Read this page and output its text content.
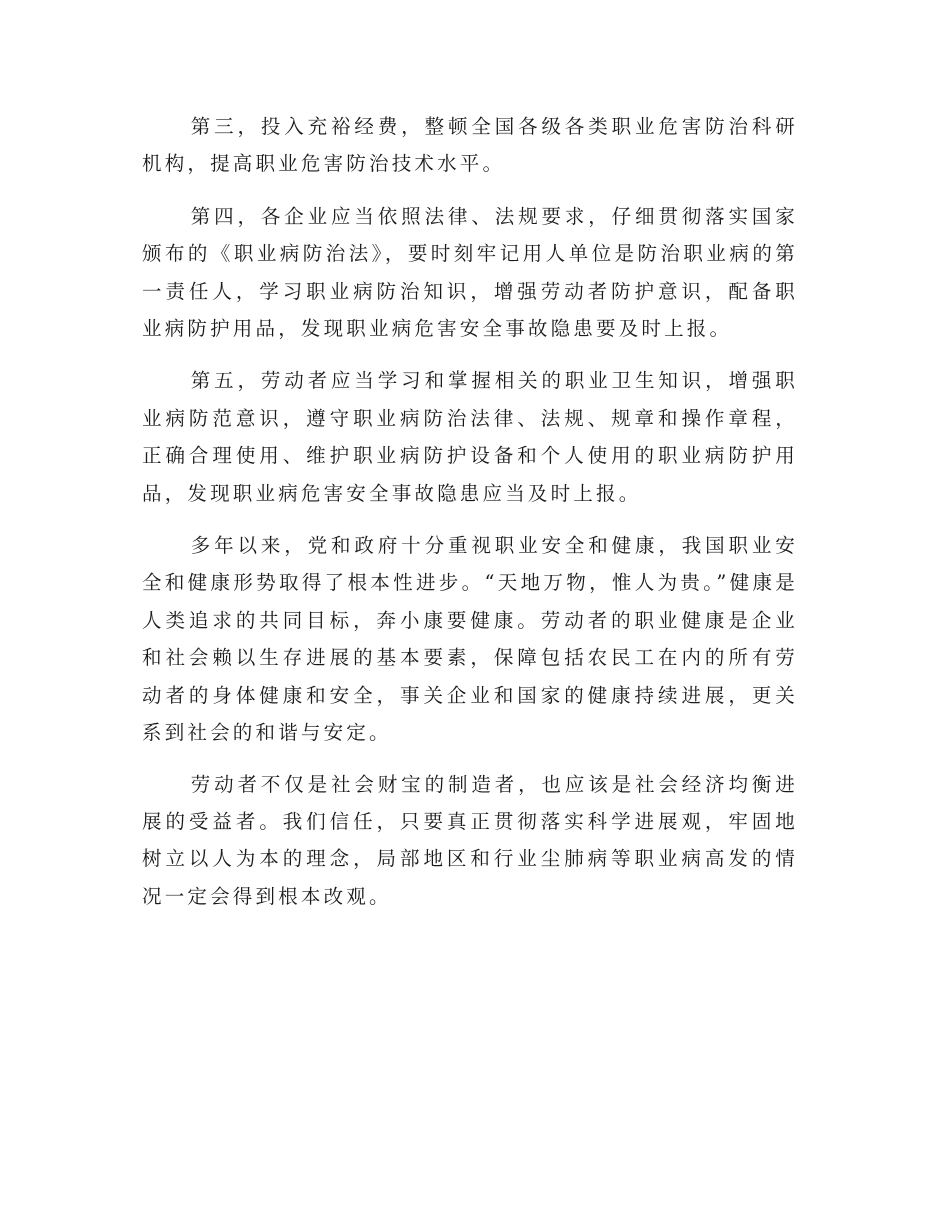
第三，投入充裕经费，整顿全国各级各类职业危害防治科研机构，提高职业危害防治技术水平。

第四，各企业应当依照法律、法规要求，仔细贯彻落实国家颁布的《职业病防治法》，要时刻牢记用人单位是防治职业病的第一责任人，学习职业病防治知识，增强劳动者防护意识，配备职业病防护用品，发现职业病危害安全事故隐患要及时上报。

第五，劳动者应当学习和掌握相关的职业卫生知识，增强职业病防范意识，遵守职业病防治法律、法规、规章和操作章程，正确合理使用、维护职业病防护设备和个人使用的职业病防护用品，发现职业病危害安全事故隐患应当及时上报。

多年以来，党和政府十分重视职业安全和健康，我国职业安全和健康形势取得了根本性进步。“天地万物，惟人为贵。”健康是人类追求的共同目标，奔小康要健康。劳动者的职业健康是企业和社会赖以生存进展的基本要素，保障包括农民工在内的所有劳动者的身体健康和安全，事关企业和国家的健康持续进展，更关系到社会的和谐与安定。

劳动者不仅是社会财宝的制造者，也应该是社会经济均衡进展的受益者。我们信任，只要真正贯彻落实科学进展观，牢固地树立以人为本的理念，局部地区和行业尘肺病等职业病高发的情况一定会得到根本改观。
